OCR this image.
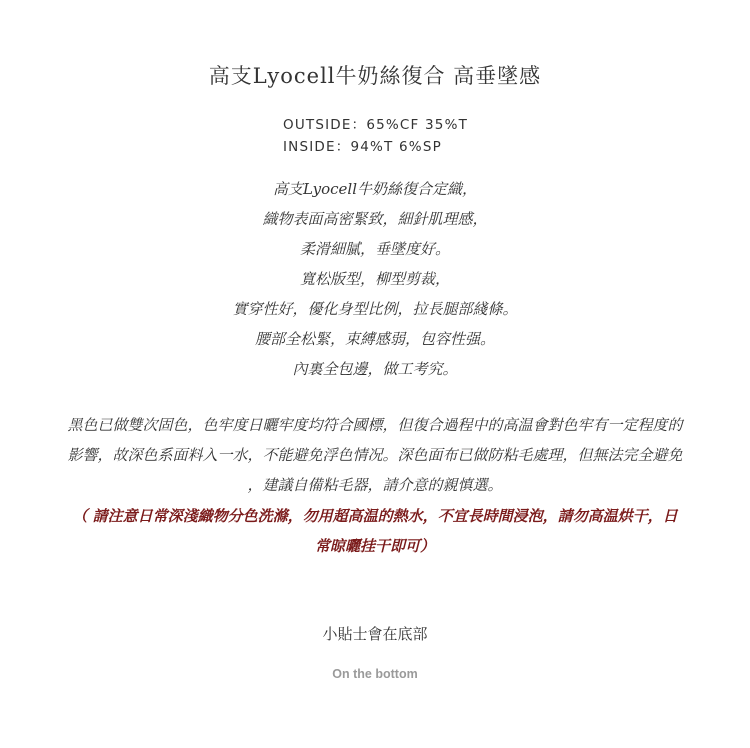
高支Lyocell牛奶絲復合 高垂墜感
OUTSIDE：65%CF 35%T
INSIDE：94%T 6%SP
高支Lyocell牛奶絲復合定織，
織物表面高密緊致，細針肌理感，
柔滑細膩，垂墜度好。
寬松版型，柳型剪裁，
實穿性好，優化身型比例，拉長腿部綫條。
腰部全松緊，束縛感弱，包容性强。
內裏全包邊，做工考究。
黑色已做雙次固色，色牢度日曬牢度均符合國標，但復合過程中的高温會對色牢有一定程度的
影響，故深色系面料入一水，不能避免浮色情况。深色面布已做防粘毛處理，但無法完全避免
，建議自備粘毛器，請介意的親慎選。
（ 請注意日常深淺織物分色洗滌，勿用超高温的熱水，不宜長時間浸泡，請勿高温烘干，日
常晾曬挂干即可）
小貼士會在底部
On the bottom
